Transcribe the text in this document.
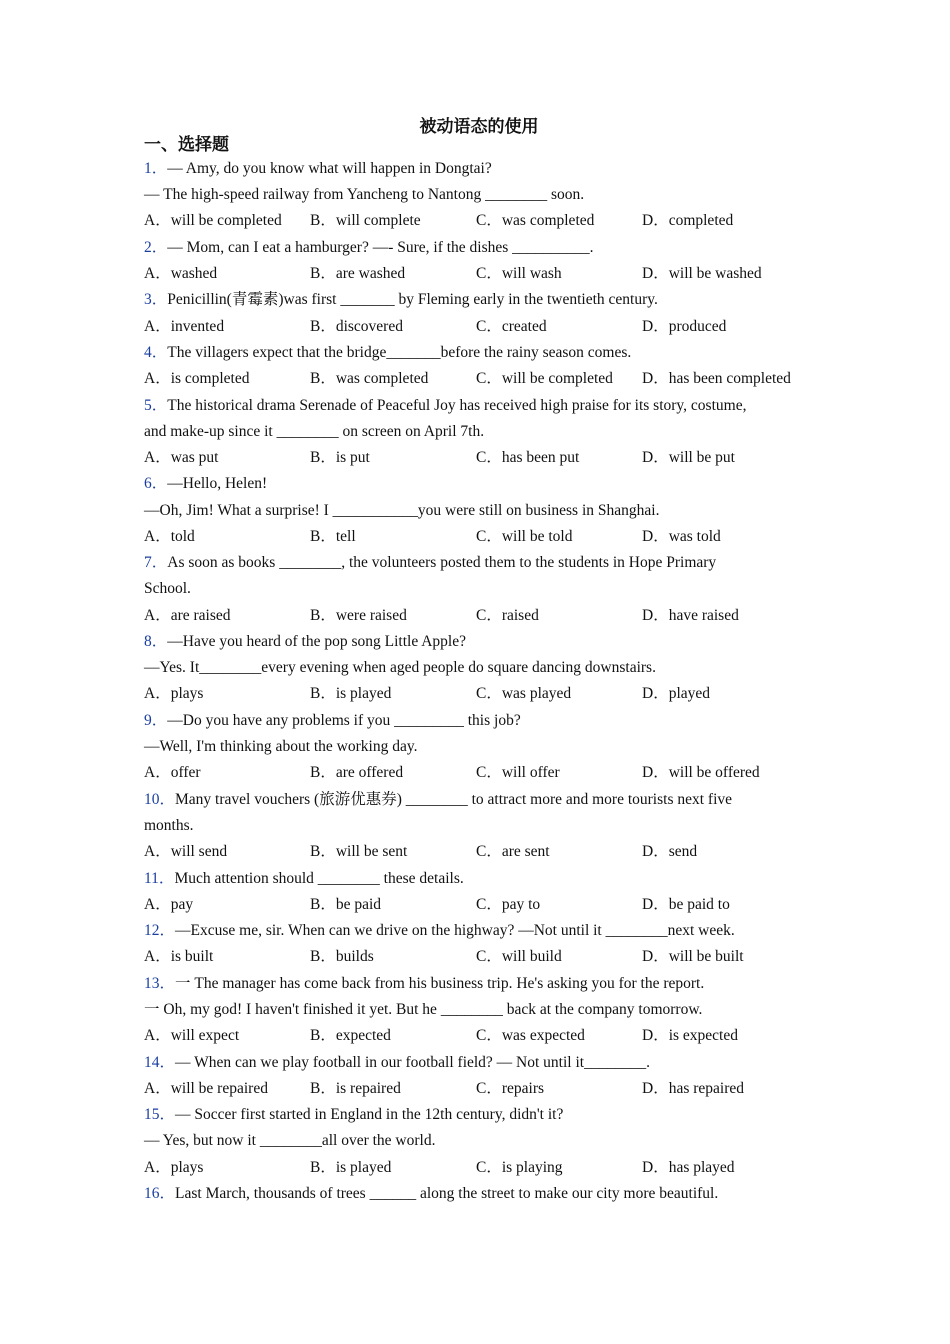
被动语态的使用
一、选择题
1．— Amy, do you know what will happen in Dongtai?
— The high-speed railway from Yancheng to Nantong ________ soon.
A．will be completed	B．will complete	C．was completed	D．completed
2．— Mom, can I eat a hamburger? —- Sure, if the dishes __________.
A．washed	B．are washed	C．will wash	D．will be washed
3．Penicillin(青霉素)was first _______ by Fleming early in the twentieth century.
A．invented	B．discovered	C．created	D．produced
4．The villagers expect that the bridge_______before the rainy season comes.
A．is completed	B．was completed	C．will be completed	D．has been completed
5．The historical drama Serenade of Peaceful Joy has received high praise for its story, costume,
and make-up since it ________ on screen on April 7th.
A．was put	B．is put	C．has been put	D．will be put
6．—Hello, Helen!
—Oh, Jim! What a surprise! I ___________you were still on business in Shanghai.
A．told	B．tell	C．will be told	D．was told
7．As soon as books ________, the volunteers posted them to the students in Hope Primary
School.
A．are raised	B．were raised	C．raised	D．have raised
8．—Have you heard of the pop song Little Apple?
—Yes. It________every evening when aged people do square dancing downstairs.
A．plays	B．is played	C．was played	D．played
9．—Do you have any problems if you _________ this job?
—Well, I'm thinking about the working day.
A．offer	B．are offered	C．will offer	D．will be offered
10．Many travel vouchers (旅游优惠券) ________ to attract more and more tourists next five
months.
A．will send	B．will be sent	C．are sent	D．send
11．Much attention should ________ these details.
A．pay	B．be paid	C．pay to	D．be paid to
12．—Excuse me, sir. When can we drive on the highway? —Not until it ________next week.
A．is built	B．builds	C．will build	D．will be built
13．一 The manager has come back from his business trip. He's asking you for the report.
一 Oh, my god! I haven't finished it yet. But he ________ back at the company tomorrow.
A．will expect	B．expected	C．was expected	D．is expected
14．— When can we play football in our football field? — Not until it________.
A．will be repaired	B．is repaired	C．repairs	D．has repaired
15．— Soccer first started in England in the 12th century, didn't it?
— Yes, but now it ________all over the world.
A．plays	B．is played	C．is playing	D．has played
16．Last March, thousands of trees ______ along the street to make our city more beautiful.
